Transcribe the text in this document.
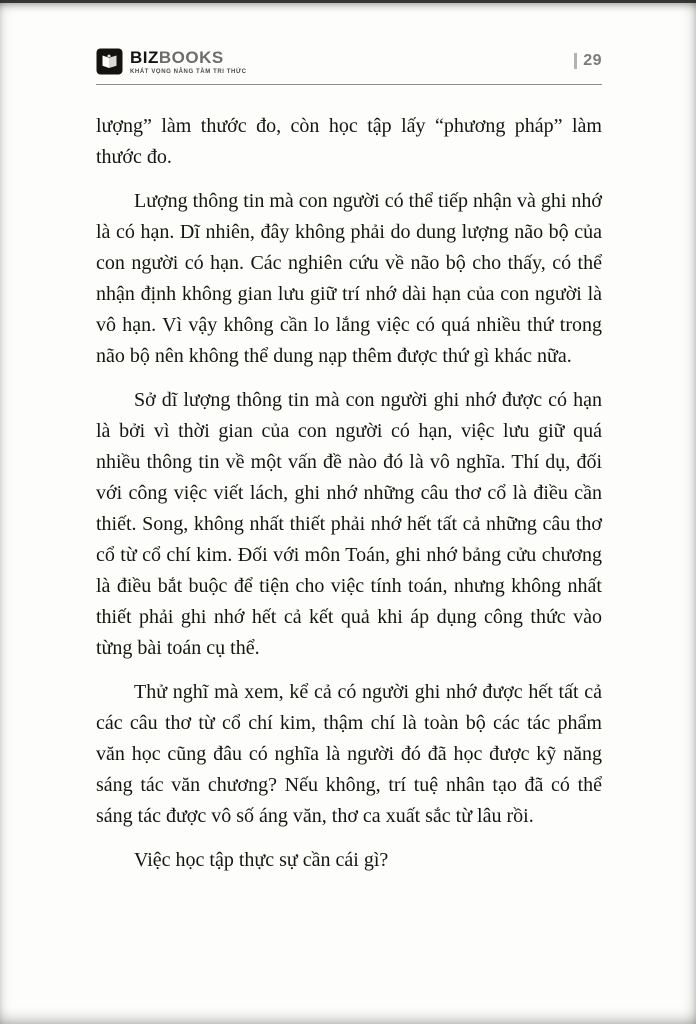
BIZBOOKS
KHÁT VỌNG NÂNG TẦM TRI THỨC
29

lượng” làm thước đo, còn học tập lấy “phương pháp” làm thước đo.

Lượng thông tin mà con người có thể tiếp nhận và ghi nhớ là có hạn. Dĩ nhiên, đây không phải do dung lượng não bộ của con người có hạn. Các nghiên cứu về não bộ cho thấy, có thể nhận định không gian lưu giữ trí nhớ dài hạn của con người là vô hạn. Vì vậy không cần lo lắng việc có quá nhiều thứ trong não bộ nên không thể dung nạp thêm được thứ gì khác nữa.

Sở dĩ lượng thông tin mà con người ghi nhớ được có hạn là bởi vì thời gian của con người có hạn, việc lưu giữ quá nhiều thông tin về một vấn đề nào đó là vô nghĩa. Thí dụ, đối với công việc viết lách, ghi nhớ những câu thơ cổ là điều cần thiết. Song, không nhất thiết phải nhớ hết tất cả những câu thơ cổ từ cổ chí kim. Đối với môn Toán, ghi nhớ bảng cửu chương là điều bắt buộc để tiện cho việc tính toán, nhưng không nhất thiết phải ghi nhớ hết cả kết quả khi áp dụng công thức vào từng bài toán cụ thể.

Thử nghĩ mà xem, kể cả có người ghi nhớ được hết tất cả các câu thơ từ cổ chí kim, thậm chí là toàn bộ các tác phẩm văn học cũng đâu có nghĩa là người đó đã học được kỹ năng sáng tác văn chương? Nếu không, trí tuệ nhân tạo đã có thể sáng tác được vô số áng văn, thơ ca xuất sắc từ lâu rồi.

Việc học tập thực sự cần cái gì?
